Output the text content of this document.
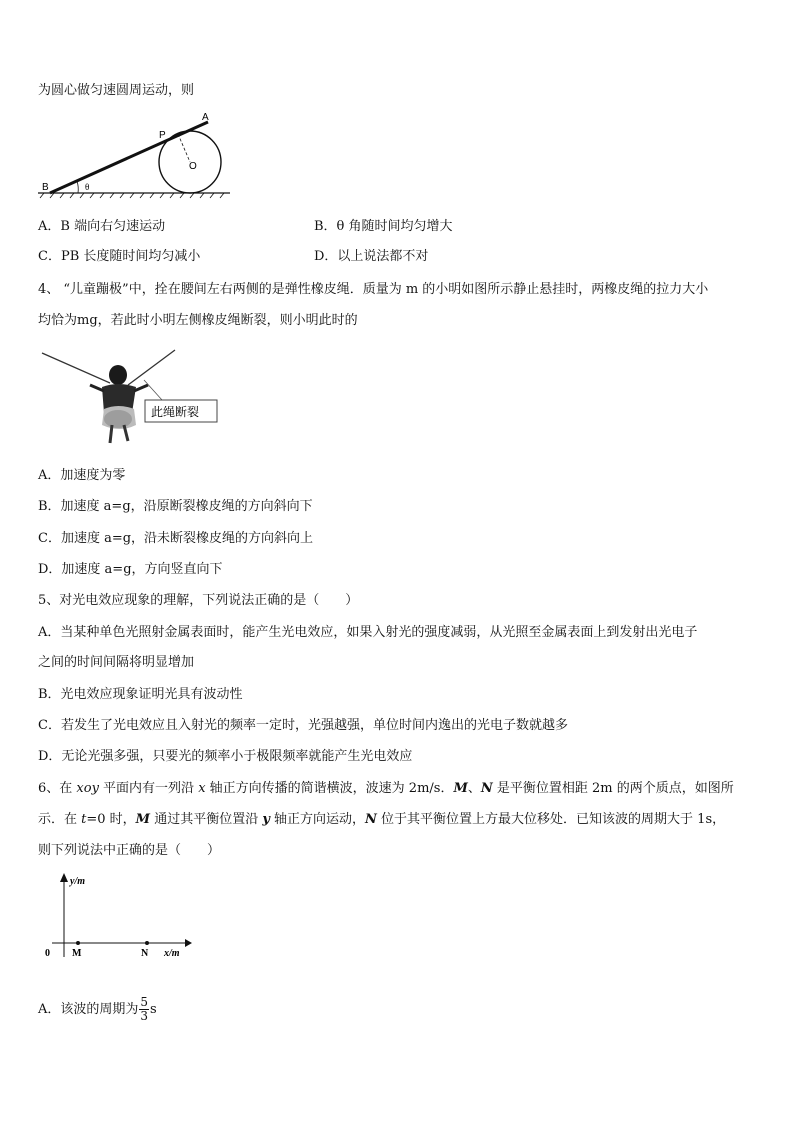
为圆心做匀速圆周运动，则
A
P
O
B	θ
A．B 端向右匀速运动	B．θ 角随时间均匀增大
C．PB 长度随时间均匀减小	D．以上说法都不对
4、 “儿童蹦极”中，拴在腰间左右两侧的是弹性橡皮绳．质量为 m 的小明如图所示静止悬挂时，两橡皮绳的拉力大小
均恰为mg，若此时小明左侧橡皮绳断裂，则小明此时的
此绳断裂
A．加速度为零
B．加速度 a=g，沿原断裂橡皮绳的方向斜向下
C．加速度 a=g，沿未断裂橡皮绳的方向斜向上
D．加速度 a=g，方向竖直向下
5、对光电效应现象的理解，下列说法正确的是（　　）
A．当某种单色光照射金属表面时，能产生光电效应，如果入射光的强度减弱，从光照至金属表面上到发射出光电子
之间的时间间隔将明显增加
B．光电效应现象证明光具有波动性
C．若发生了光电效应且入射光的频率一定时，光强越强，单位时间内逸出的光电子数就越多
D．无论光强多强，只要光的频率小于极限频率就能产生光电效应
6、在 xoy 平面内有一列沿 x 轴正方向传播的简谐横波，波速为 2m/s．M、N 是平衡位置相距 2m 的两个质点，如图所
示．在 t=0 时，M 通过其平衡位置沿 y 轴正方向运动，N 位于其平衡位置上方最大位移处．已知该波的周期大于 1s，
则下列说法中正确的是（　　）
y/m
x/m
0 M	N
A．该波的周期为 $\frac{5}{3}$ s
